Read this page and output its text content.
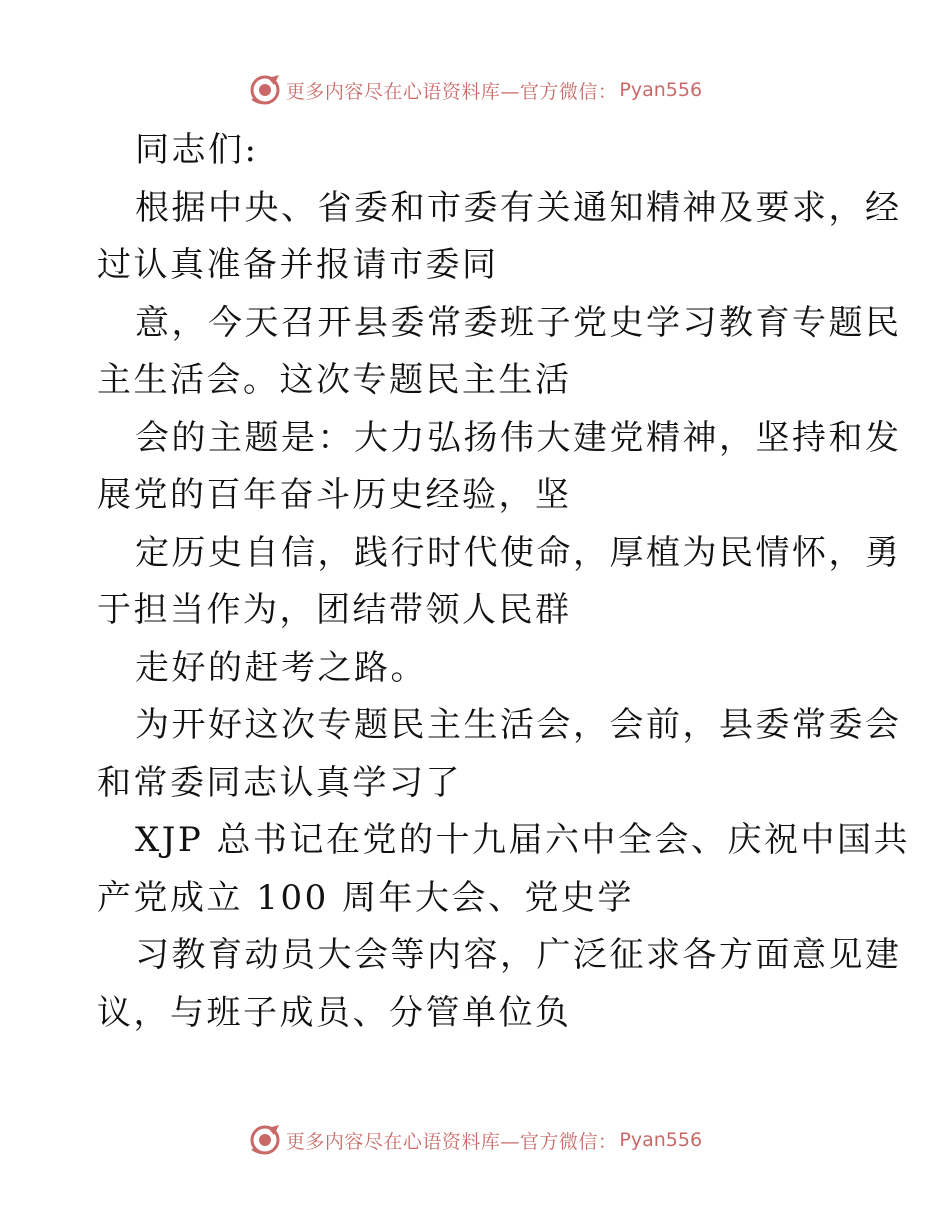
更多内容尽在心语资料库—官方微信： Pyan556
同志们:
根据中央、省委和市委有关通知精神及要求，经
过认真准备并报请市委同
意，今天召开县委常委班子党史学习教育专题民
主生活会。这次专题民主生活
会的主题是：大力弘扬伟大建党精神，坚持和发
展党的百年奋斗历史经验，坚
定历史自信，践行时代使命，厚植为民情怀，勇
于担当作为，团结带领人民群
走好的赶考之路。
为开好这次专题民主生活会，会前，县委常委会
和常委同志认真学习了
XJP 总书记在党的十九届六中全会、庆祝中国共
产党成立 100 周年大会、党史学
习教育动员大会等内容，广泛征求各方面意见建
议，与班子成员、分管单位负
更多内容尽在心语资料库—官方微信： Pyan556
